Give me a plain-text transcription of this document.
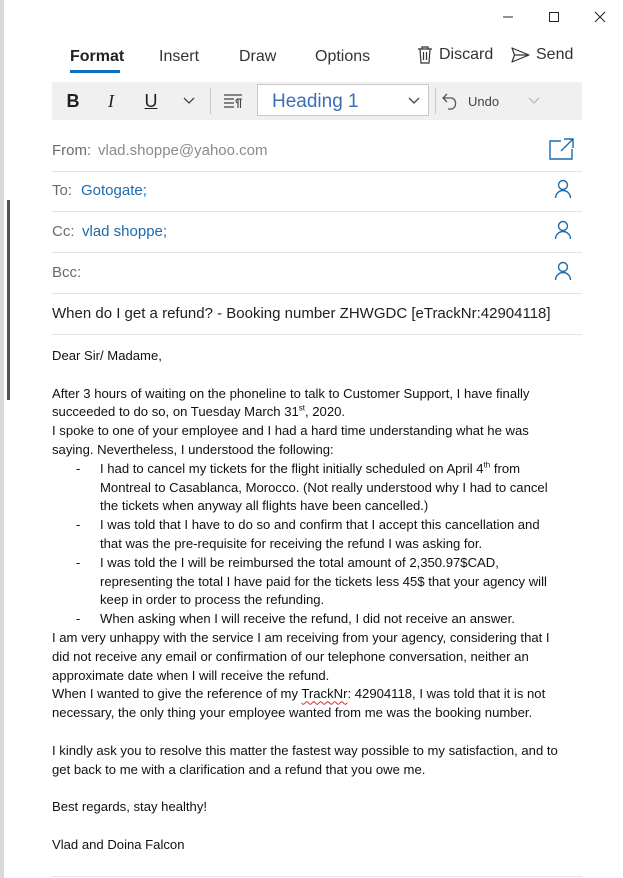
Format Insert Draw Options	Discard	Send
B	I	U	Heading 1	Undo
From: vlad.shoppe@yahoo.com
To: Gotogate;
Cc: vlad shoppe;
Bcc:
When do I get a refund? - Booking number ZHWGDC [eTrackNr:42904118]

Dear Sir/ Madame,

After 3 hours of waiting on the phoneline to talk to Customer Support, I have finally

succeeded to do so, on Tuesday March 31st, 2020.

I spoke to one of your employee and I had a hard time understanding what he was

saying. Nevertheless, I understood the following:

- I had to cancel my tickets for the flight initially scheduled on April 4th from

Montreal to Casablanca, Morocco. (Not really understood why I had to cancel

the tickets when anyway all flights have been cancelled.)

- I was told that I have to do so and confirm that I accept this cancellation and

that was the pre-requisite for receiving the refund I was asking for.

- I was told the I will be reimbursed the total amount of 2,350.97$CAD,

representing the total I have paid for the tickets less 45$ that your agency will

keep in order to process the refunding.

- When asking when I will receive the refund, I did not receive an answer.

I am very unhappy with the service I am receiving from your agency, considering that I

did not receive any email or confirmation of our telephone conversation, neither an

approximate date when I will receive the refund.

When I wanted to give the reference of my TrackNr: 42904118, I was told that it is not

necessary, the only thing your employee wanted from me was the booking number.

I kindly ask you to resolve this matter the fastest way possible to my satisfaction, and to

get back to me with a clarification and a refund that you owe me.

Best regards, stay healthy!

Vlad and Doina Falcon
